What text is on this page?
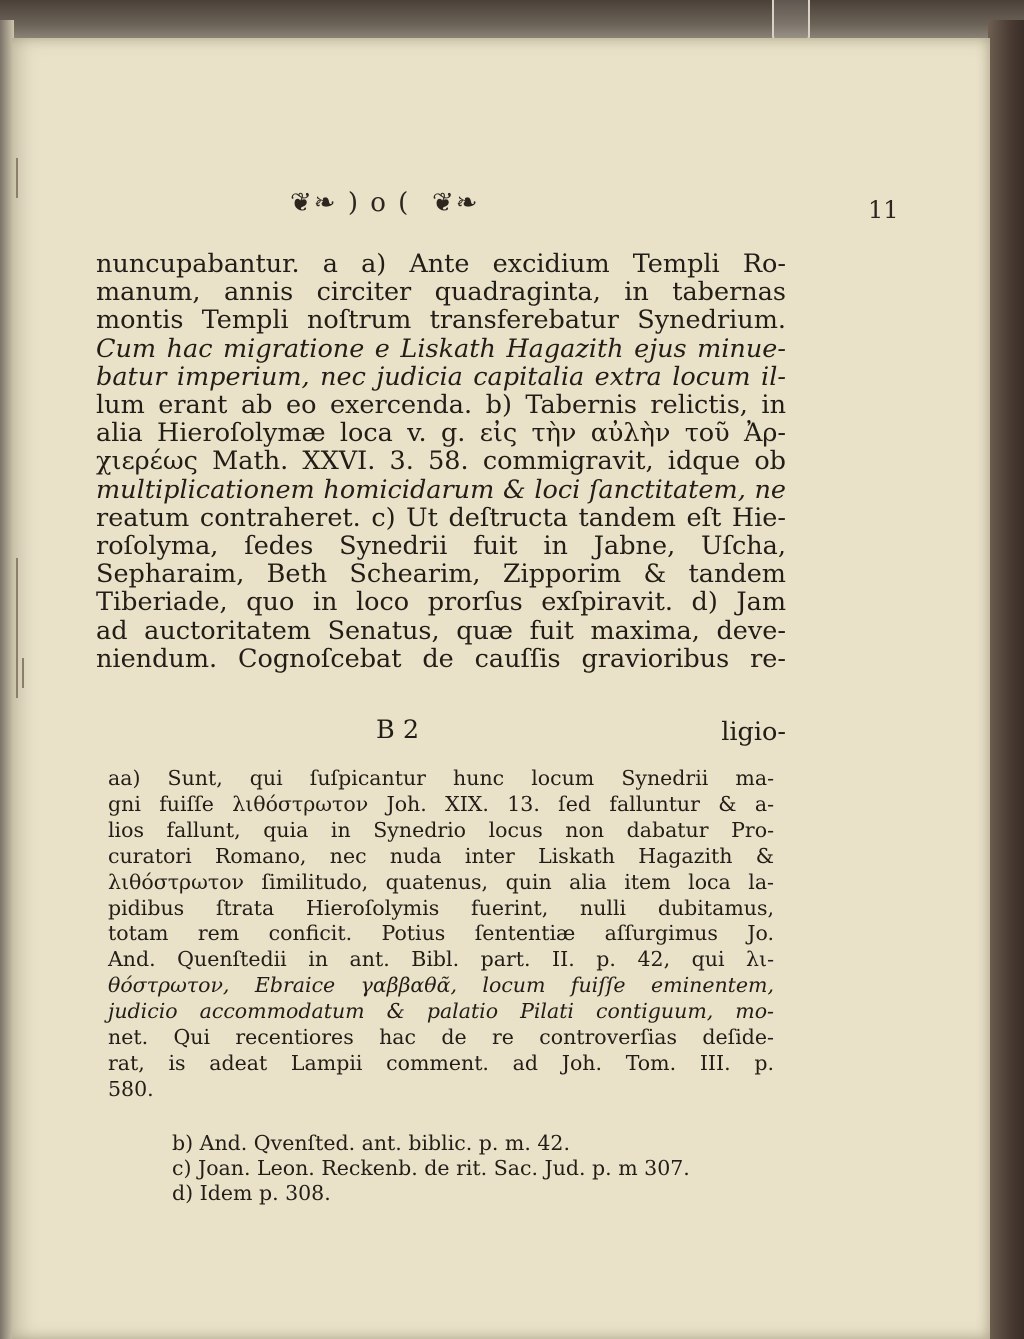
❦❧ ) o ( ❦❧	11
nuncupabantur. a a) Ante excidium Templi Ro-
manum, annis circiter quadraginta, in tabernas
montis Templi noſtrum transferebatur Synedrium.
Cum hac migratione e Liskath Hagazith ejus minue-
batur imperium, nec judicia capitalia extra locum il-
lum erant ab eo exercenda. b) Tabernis relictis, in
alia Hieroſolymæ loca v. g. εἰς τὴν αὐλὴν τοῦ Ἀρ-
χιερέως Math. XXVI. 3. 58. commigravit, idque ob
multiplicationem homicidarum & loci ſanctitatem, ne
reatum contraheret. c) Ut deſtructa tandem eſt Hie-
roſolyma, ſedes Synedrii fuit in Jabne, Uſcha,
Sepharaim, Beth Schearim, Zipporim & tandem
Tiberiade, quo in loco prorſus exſpiravit. d) Jam
ad auctoritatem Senatus, quæ fuit maxima, deve-
niendum. Cognoſcebat de cauſſis gravioribus re-
B 2	ligio-
aa) Sunt, qui ſuſpicantur hunc locum Synedrii ma-
gni fuiſſe λιθόστρωτον Joh. XIX. 13. ſed falluntur & a-
lios fallunt, quia in Synedrio locus non dabatur Pro-
curatori Romano, nec nuda inter Liskath Hagazith &
λιθόστρωτον ſimilitudo, quatenus, quin alia item loca la-
pidibus ſtrata Hieroſolymis fuerint, nulli dubitamus,
totam rem conficit. Potius ſententiæ aſſurgimus Jo.
And. Quenſtedii in ant. Bibl. part. II. p. 42, qui λι-
θόστρωτον, Ebraice γαββαθᾶ, locum fuiſſe eminentem,
judicio accommodatum & palatio Pilati contiguum, mo-
net. Qui recentiores hac de re controverſias deſide-
rat, is adeat Lampii comment. ad Joh. Tom. III. p.
580.
b) And. Qvenſted. ant. biblic. p. m. 42.
c) Joan. Leon. Reckenb. de rit. Sac. Jud. p. m 307.
d) Idem p. 308.
